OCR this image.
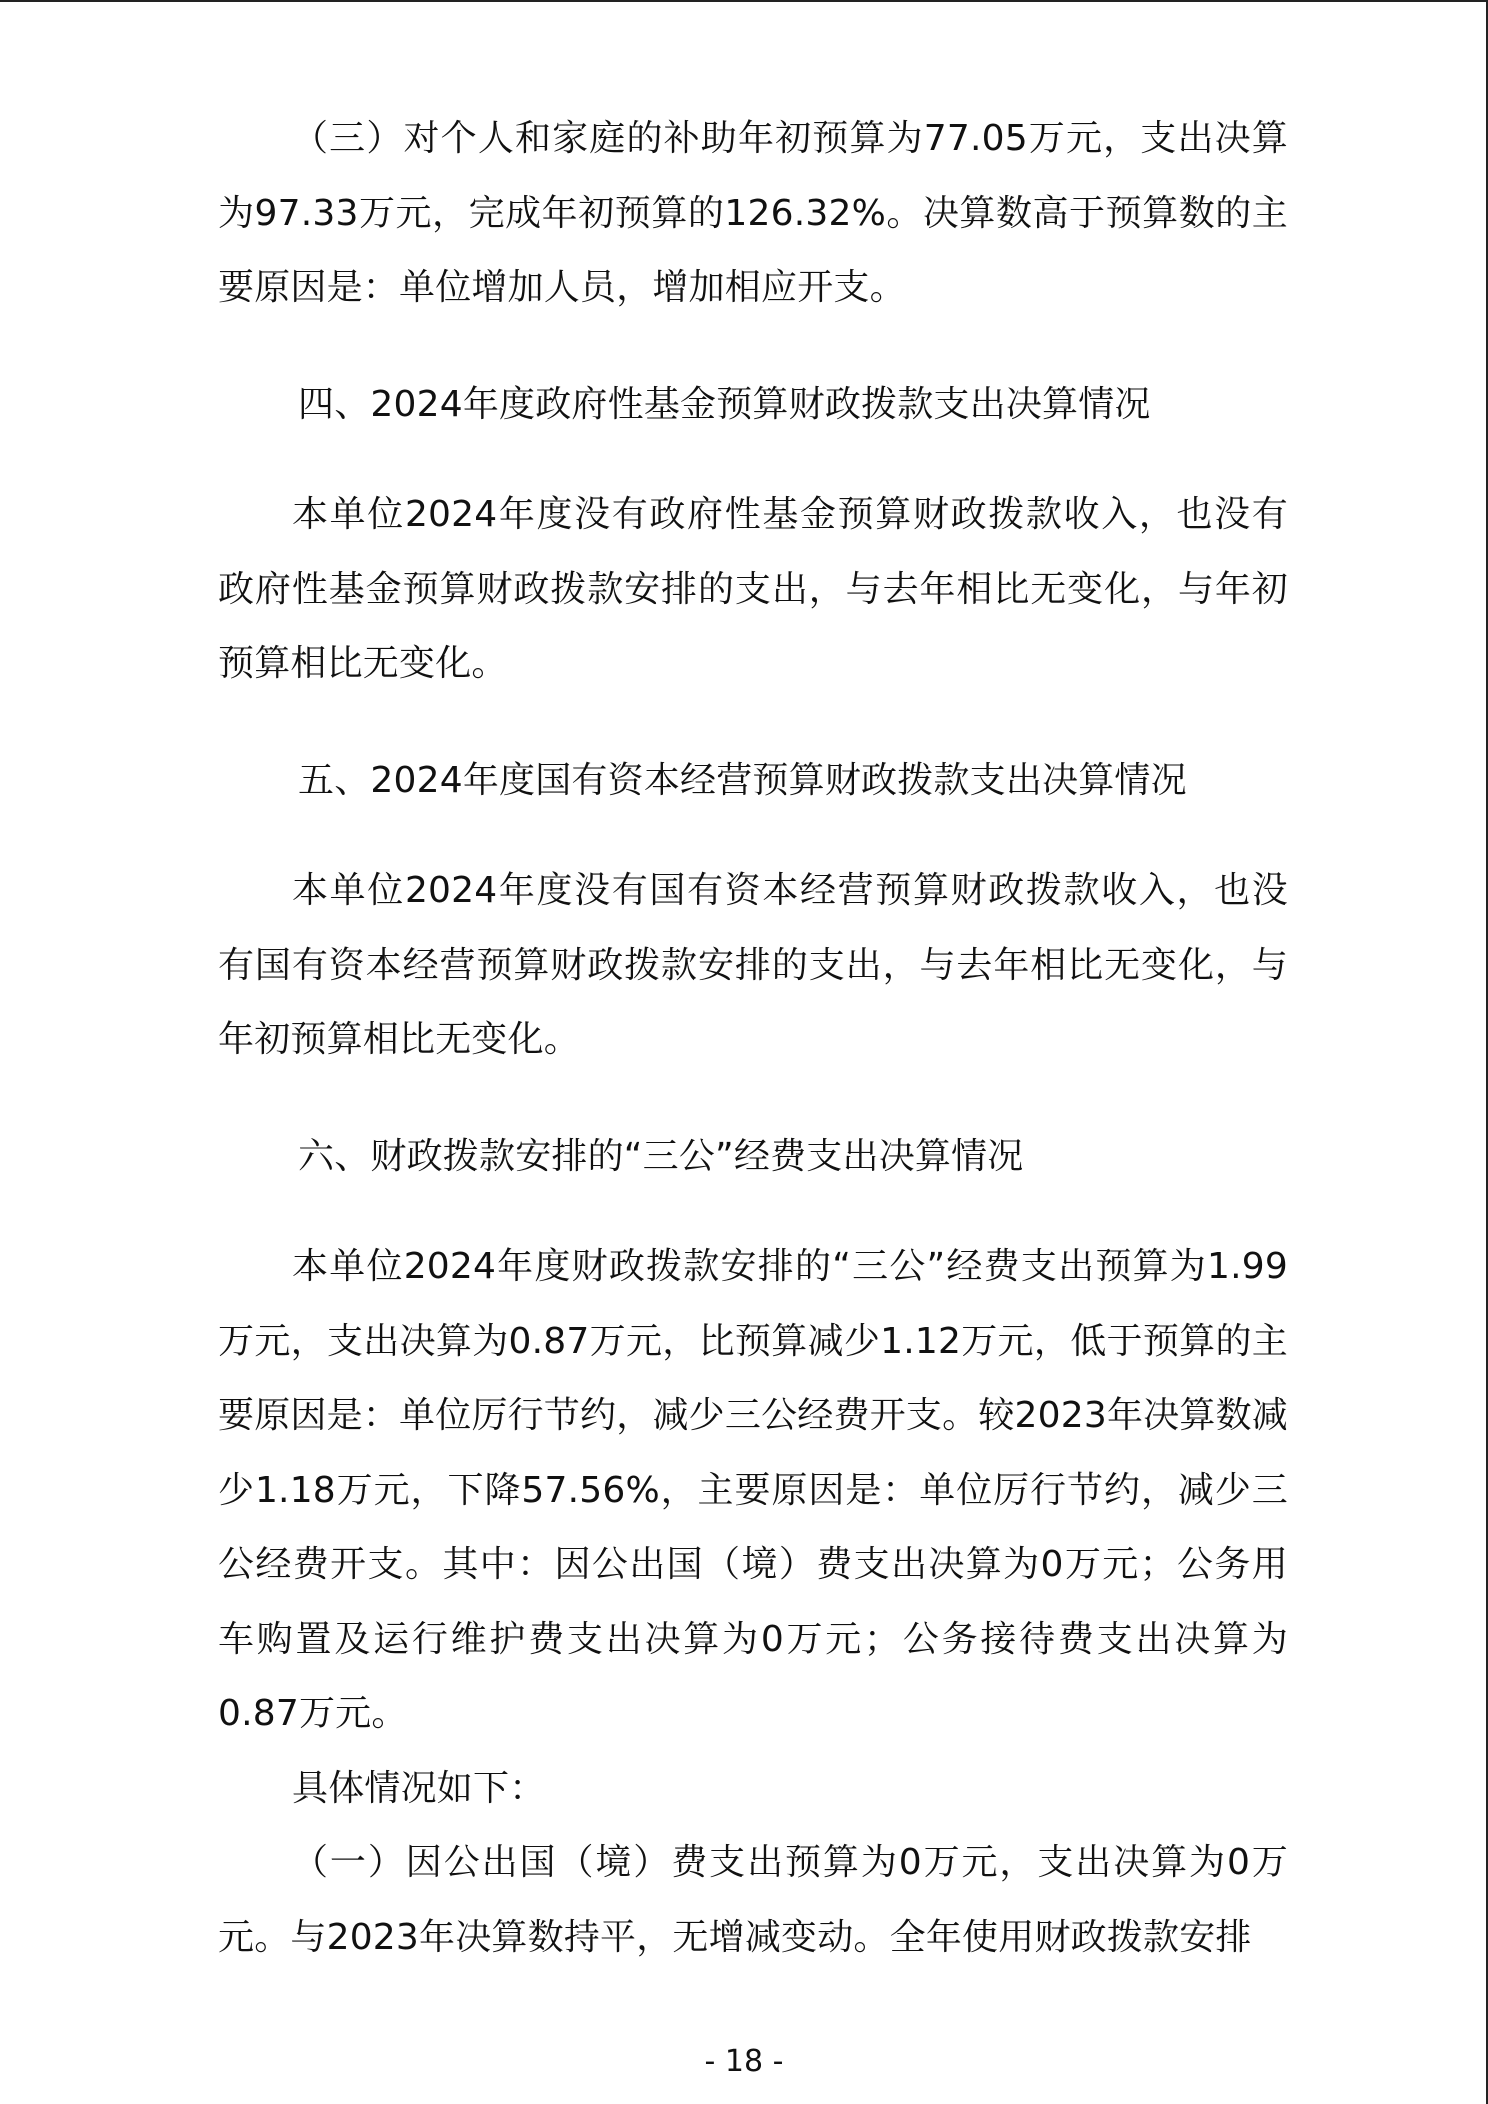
（三）对个人和家庭的补助年初预算为77.05万元，支出决算为97.33万元，完成年初预算的126.32%。决算数高于预算数的主要原因是：单位增加人员，增加相应开支。

四、2024年度政府性基金预算财政拨款支出决算情况

本单位2024年度没有政府性基金预算财政拨款收入，也没有政府性基金预算财政拨款安排的支出，与去年相比无变化，与年初预算相比无变化。

五、2024年度国有资本经营预算财政拨款支出决算情况

本单位2024年度没有国有资本经营预算财政拨款收入，也没有国有资本经营预算财政拨款安排的支出，与去年相比无变化，与年初预算相比无变化。

六、财政拨款安排的“三公”经费支出决算情况

本单位2024年度财政拨款安排的“三公”经费支出预算为1.99万元，支出决算为0.87万元，比预算减少1.12万元，低于预算的主要原因是：单位厉行节约，减少三公经费开支。较2023年决算数减少1.18万元，下降57.56%，主要原因是：单位厉行节约，减少三公经费开支。其中：因公出国（境）费支出决算为0万元；公务用车购置及运行维护费支出决算为0万元；公务接待费支出决算为0.87万元。

具体情况如下：

（一）因公出国（境）费支出预算为0万元，支出决算为0万元。与2023年决算数持平，无增减变动。全年使用财政拨款安排

- 18 -
